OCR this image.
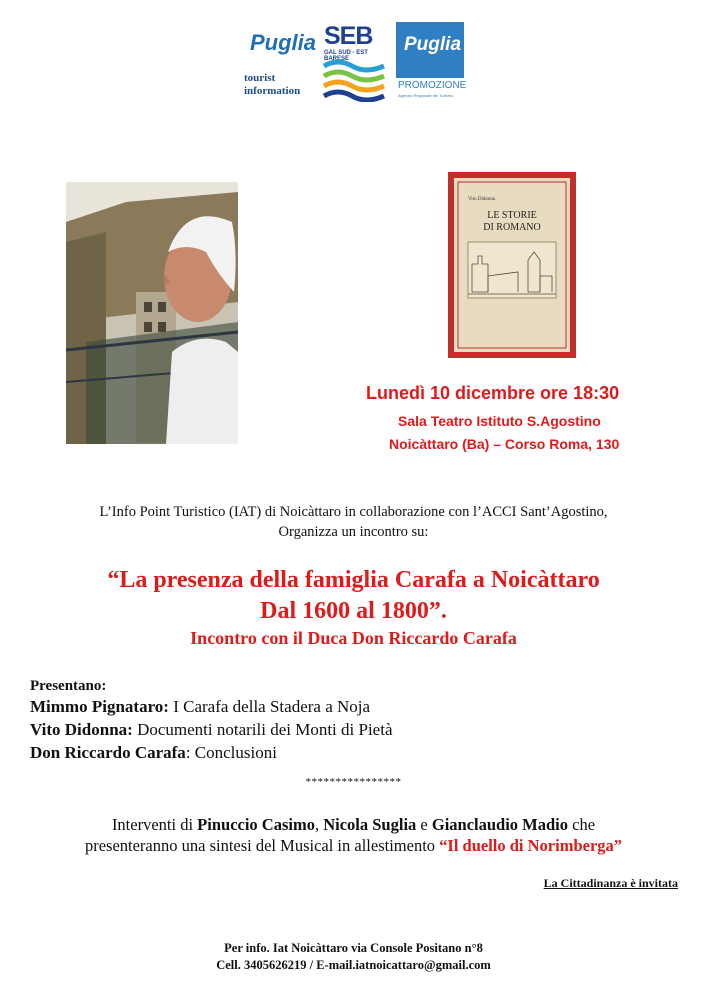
Puglia
tourist
information
SEB
GAL SUD - EST BARESE
Puglia
PROMOZIONE
Agenzia Regionale del Turismo
Vito Didonna
LE STORIE
DI ROMANO
Lunedì 10 dicembre ore 18:30
Sala Teatro Istituto S.Agostino
Noicàttaro (Ba) – Corso Roma, 130
L’Info Point Turistico (IAT) di Noicàttaro in collaborazione con l’ACCI Sant’Agostino,
Organizza un incontro su:
“La presenza della famiglia Carafa a Noicàttaro
Dal 1600 al 1800”.
Incontro con il Duca Don Riccardo Carafa
Presentano:
Mimmo Pignataro: I Carafa della Stadera a Noja
Vito Didonna: Documenti notarili dei Monti di Pietà
Don Riccardo Carafa: Conclusioni
****************
Interventi di Pinuccio Casimo, Nicola Suglia e Gianclaudio Madio che
presenteranno una sintesi del Musical in allestimento “Il duello di Norimberga”
La Cittadinanza è invitata
Per info. Iat Noicàttaro via Console Positano n°8
Cell. 3405626219 / E-mail.iatnoicattaro@gmail.com
